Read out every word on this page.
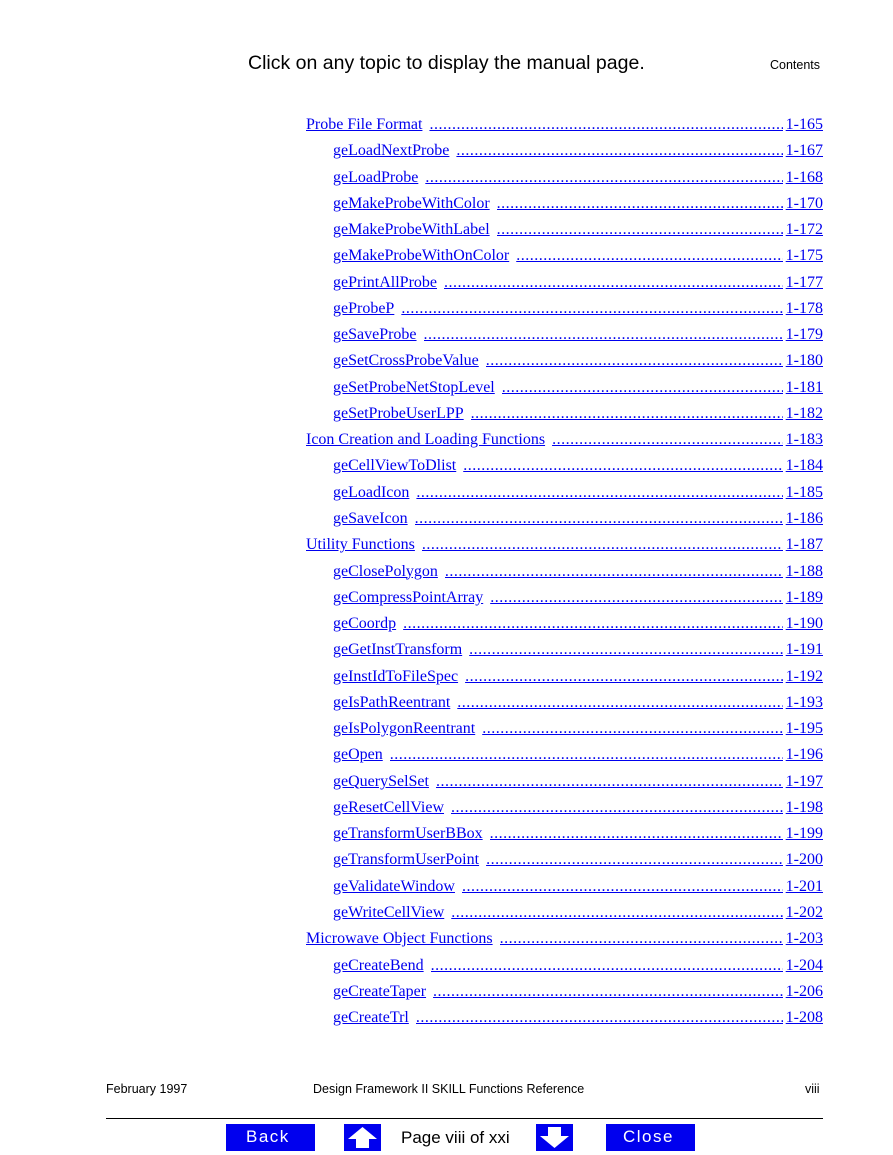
Click on any topic to display the manual page.	Contents
Probe File Format .....	1-165
geLoadNextProbe .....	1-167
geLoadProbe .....	1-168
geMakeProbeWithColor .....	1-170
geMakeProbeWithLabel .....	1-172
geMakeProbeWithOnColor .....	1-175
gePrintAllProbe .....	1-177
geProbeP .....	1-178
geSaveProbe .....	1-179
geSetCrossProbeValue .....	1-180
geSetProbeNetStopLevel .....	1-181
geSetProbeUserLPP .....	1-182
Icon Creation and Loading Functions .....	1-183
geCellViewToDlist .....	1-184
geLoadIcon .....	1-185
geSaveIcon .....	1-186
Utility Functions .....	1-187
geClosePolygon .....	1-188
geCompressPointArray .....	1-189
geCoordp .....	1-190
geGetInstTransform .....	1-191
geInstIdToFileSpec .....	1-192
geIsPathReentrant .....	1-193
geIsPolygonReentrant .....	1-195
geOpen .....	1-196
geQuerySelSet .....	1-197
geResetCellView .....	1-198
geTransformUserBBox .....	1-199
geTransformUserPoint .....	1-200
geValidateWindow .....	1-201
geWriteCellView .....	1-202
Microwave Object Functions .....	1-203
geCreateBend .....	1-204
geCreateTaper .....	1-206
geCreateTrl .....	1-208
February 1997	Design Framework II SKILL Functions Reference	viii
Back	Page viii of xxi	Close
